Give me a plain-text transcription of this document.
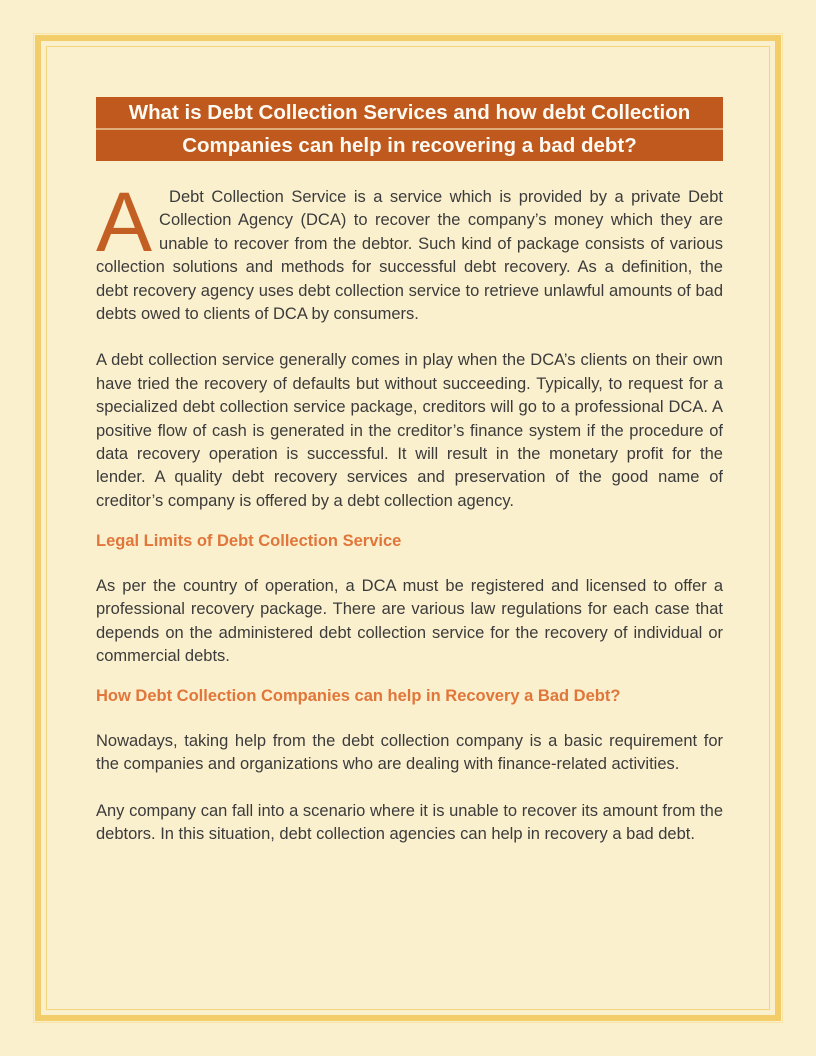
What is Debt Collection Services and how debt Collection
Companies can help in recovering a bad debt?

A Debt Collection Service is a service which is provided by a private Debt Collection Agency (DCA) to recover the company’s money which they are unable to recover from the debtor. Such kind of package consists of various collection solutions and methods for successful debt recovery. As a definition, the debt recovery agency uses debt collection service to retrieve unlawful amounts of bad debts owed to clients of DCA by consumers.

A debt collection service generally comes in play when the DCA’s clients on their own have tried the recovery of defaults but without succeeding. Typically, to request for a specialized debt collection service package, creditors will go to a professional DCA. A positive flow of cash is generated in the creditor’s finance system if the procedure of data recovery operation is successful. It will result in the monetary profit for the lender. A quality debt recovery services and preservation of the good name of creditor’s company is offered by a debt collection agency.

Legal Limits of Debt Collection Service

As per the country of operation, a DCA must be registered and licensed to offer a professional recovery package. There are various law regulations for each case that depends on the administered debt collection service for the recovery of individual or commercial debts.

How Debt Collection Companies can help in Recovery a Bad Debt?

Nowadays, taking help from the debt collection company is a basic requirement for the companies and organizations who are dealing with finance-related activities.

Any company can fall into a scenario where it is unable to recover its amount from the debtors. In this situation, debt collection agencies can help in recovery a bad debt.
